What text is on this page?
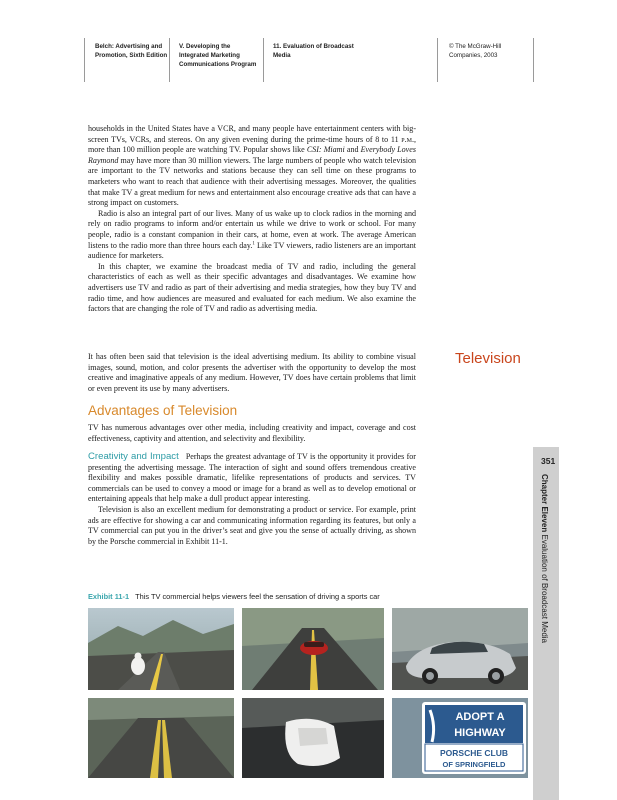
Belch: Advertising and
Promotion, Sixth Edition
V. Developing the
Integrated Marketing
Communications Program
11. Evaluation of Broadcast
Media
© The McGraw-Hill
Companies, 2003

households in the United States have a VCR, and many people have entertainment centers with big-screen TVs, VCRs, and stereos. On any given evening during the prime-time hours of 8 to 11 p.m., more than 100 million people are watching TV. Popular shows like CSI: Miami and Everybody Loves Raymond may have more than 30 million viewers. The large numbers of people who watch television are important to the TV networks and stations because they can sell time on these programs to marketers who want to reach that audience with their advertising messages. Moreover, the qualities that make TV a great medium for news and entertainment also encourage creative ads that can have a strong impact on customers.

Radio is also an integral part of our lives. Many of us wake up to clock radios in the morning and rely on radio programs to inform and/or entertain us while we drive to work or school. For many people, radio is a constant companion in their cars, at home, even at work. The average American listens to the radio more than three hours each day.$^1$ Like TV viewers, radio listeners are an important audience for marketers.

In this chapter, we examine the broadcast media of TV and radio, including the general characteristics of each as well as their specific advantages and disadvantages. We examine how advertisers use TV and radio as part of their advertising and media strategies, how they buy TV and radio time, and how audiences are measured and evaluated for each medium. We also examine the factors that are changing the role of TV and radio as advertising media.

Television

It has often been said that television is the ideal advertising medium. Its ability to combine visual images, sound, motion, and color presents the advertiser with the opportunity to develop the most creative and imaginative appeals of any medium. However, TV does have certain problems that limit or even prevent its use by many advertisers.

Advantages of Television

TV has numerous advantages over other media, including creativity and impact, coverage and cost effectiveness, captivity and attention, and selectivity and flexibility.

Creativity and Impact Perhaps the greatest advantage of TV is the opportunity it provides for presenting the advertising message. The interaction of sight and sound offers tremendous creative flexibility and makes possible dramatic, lifelike representations of products and services. TV commercials can be used to convey a mood or image for a brand as well as to develop emotional or entertaining appeals that help make a dull product appear interesting.

Television is also an excellent medium for demonstrating a product or service. For example, print ads are effective for showing a car and communicating information regarding its features, but only a TV commercial can put you in the driver’s seat and give you the sense of actually driving, as shown by the Porsche commercial in Exhibit 11-1.

Exhibit 11-1 This TV commercial helps viewers feel the sensation of driving a sports car
351
Chapter Eleven Evaluation of Broadcast Media
ADOPT A
HIGHWAY
PORSCHE CLUB
OF SPRINGFIELD
